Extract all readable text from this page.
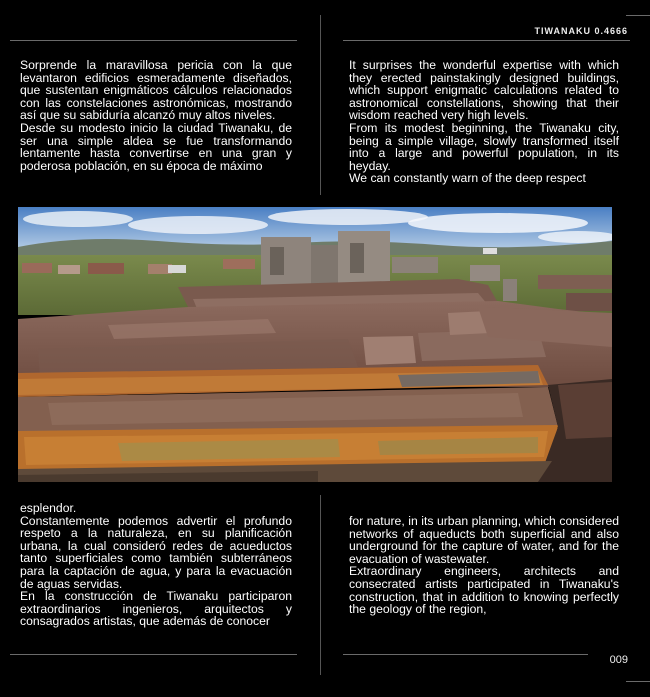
TIWANAKU 0.4666

Sorprende la maravillosa pericia con la que levantaron edificios esmeradamente diseñados, que sustentan enigmáticos cálculos relacionados con las constelaciones astronómicas, mostrando así que su sabiduría alcanzó muy altos niveles.

Desde su modesto inicio la ciudad Tiwanaku, de ser una simple aldea se fue transformando lentamente hasta convertirse en una gran y poderosa población, en su época de máximo

It surprises the wonderful expertise with which they erected painstakingly designed buildings, which support enigmatic calculations related to astronomical constellations, showing that their wisdom reached very high levels.

From its modest beginning, the Tiwanaku city, being a simple village, slowly transformed itself into a large and powerful population, in its heyday.

We can constantly warn of the deep respect

esplendor.

Constantemente podemos advertir el profundo respeto a la naturaleza, en su planificación urbana, la cual consideró redes de acueductos tanto superficiales como también subterráneos para la captación de agua, y para la evacuación de aguas servidas.

En la construcción de Tiwanaku participaron extraordinarios ingenieros, arquitectos y consagrados artistas, que además de conocer

for nature, in its urban planning, which considered networks of aqueducts both superficial and also underground for the capture of water, and for the evacuation of wastewater.

Extraordinary engineers, architects and consecrated artists participated in Tiwanaku's construction, that in addition to knowing perfectly the geology of the region,

009
